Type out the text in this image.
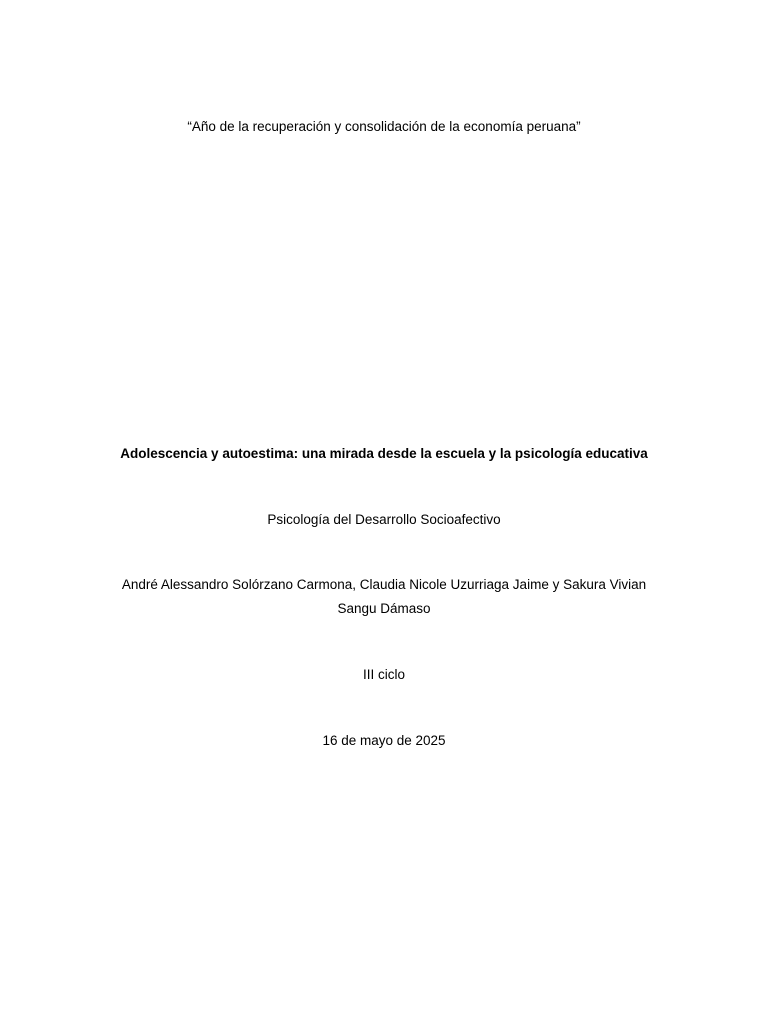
“Año de la recuperación y consolidación de la economía peruana”
Adolescencia y autoestima: una mirada desde la escuela y la psicología educativa
Psicología del Desarrollo Socioafectivo
André Alessandro Solórzano Carmona, Claudia Nicole Uzurriaga Jaime y Sakura Vivian
Sangu Dámaso
III ciclo
16 de mayo de 2025
